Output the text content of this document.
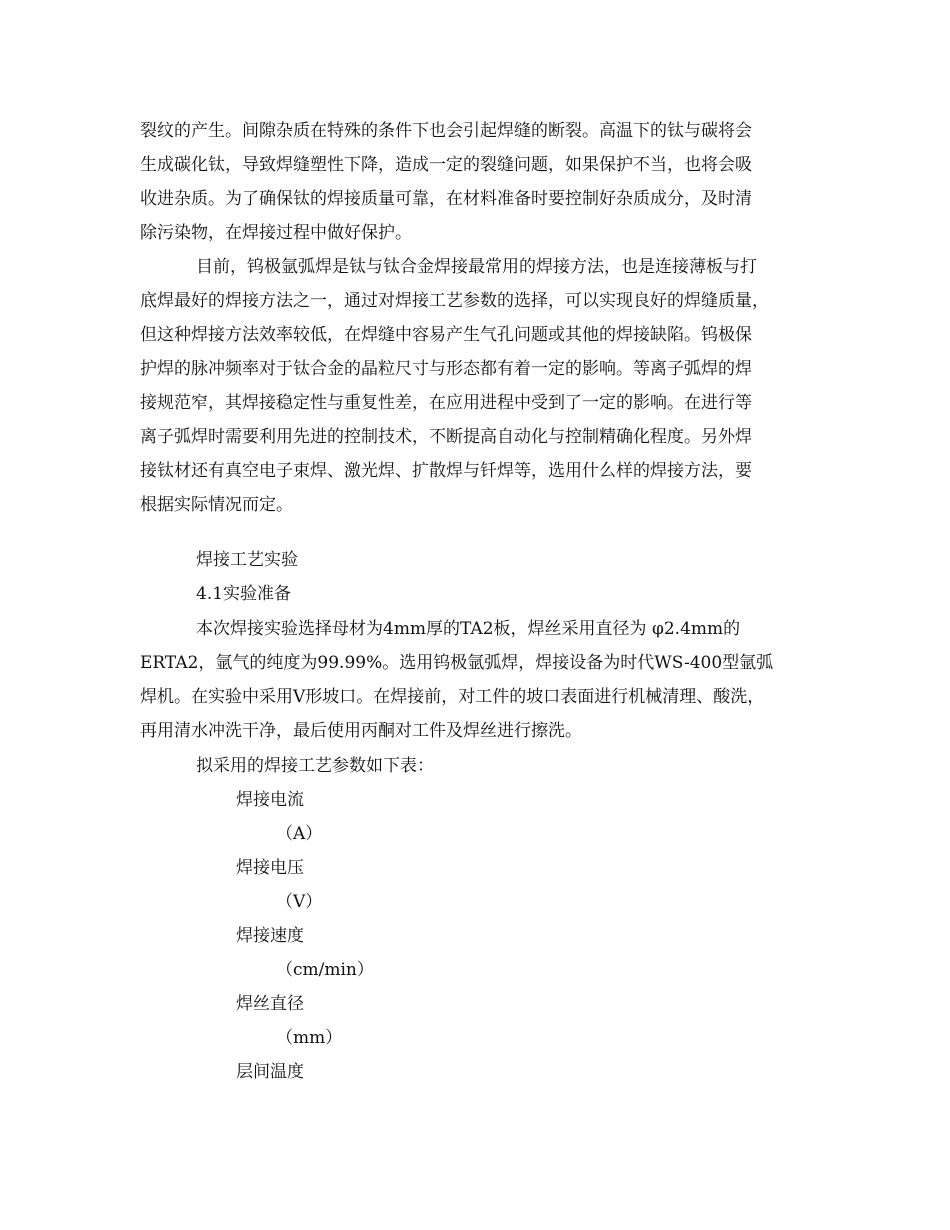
裂纹的产生。间隙杂质在特殊的条件下也会引起焊缝的断裂。高温下的钛与碳将会
生成碳化钛，导致焊缝塑性下降，造成一定的裂缝问题，如果保护不当，也将会吸
收进杂质。为了确保钛的焊接质量可靠，在材料准备时要控制好杂质成分，及时清
除污染物，在焊接过程中做好保护。
目前，钨极氩弧焊是钛与钛合金焊接最常用的焊接方法，也是连接薄板与打
底焊最好的焊接方法之一，通过对焊接工艺参数的选择，可以实现良好的焊缝质量，
但这种焊接方法效率较低，在焊缝中容易产生气孔问题或其他的焊接缺陷。钨极保
护焊的脉冲频率对于钛合金的晶粒尺寸与形态都有着一定的影响。等离子弧焊的焊
接规范窄，其焊接稳定性与重复性差，在应用进程中受到了一定的影响。在进行等
离子弧焊时需要利用先进的控制技术，不断提高自动化与控制精确化程度。另外焊
接钛材还有真空电子束焊、激光焊、扩散焊与钎焊等，选用什么样的焊接方法，要
根据实际情况而定。
焊接工艺实验
4.1实验准备
本次焊接实验选择母材为4mm厚的TA2板，焊丝采用直径为 φ2.4mm的
ERTA2，氩气的纯度为99.99%。选用钨极氩弧焊，焊接设备为时代WS-400型氩弧
焊机。在实验中采用V形坡口。在焊接前，对工件的坡口表面进行机械清理、酸洗，
再用清水冲洗干净，最后使用丙酮对工件及焊丝进行擦洗。
拟采用的焊接工艺参数如下表：
焊接电流
（A）
焊接电压
（V）
焊接速度
（cm/min）
焊丝直径
（mm）
层间温度
